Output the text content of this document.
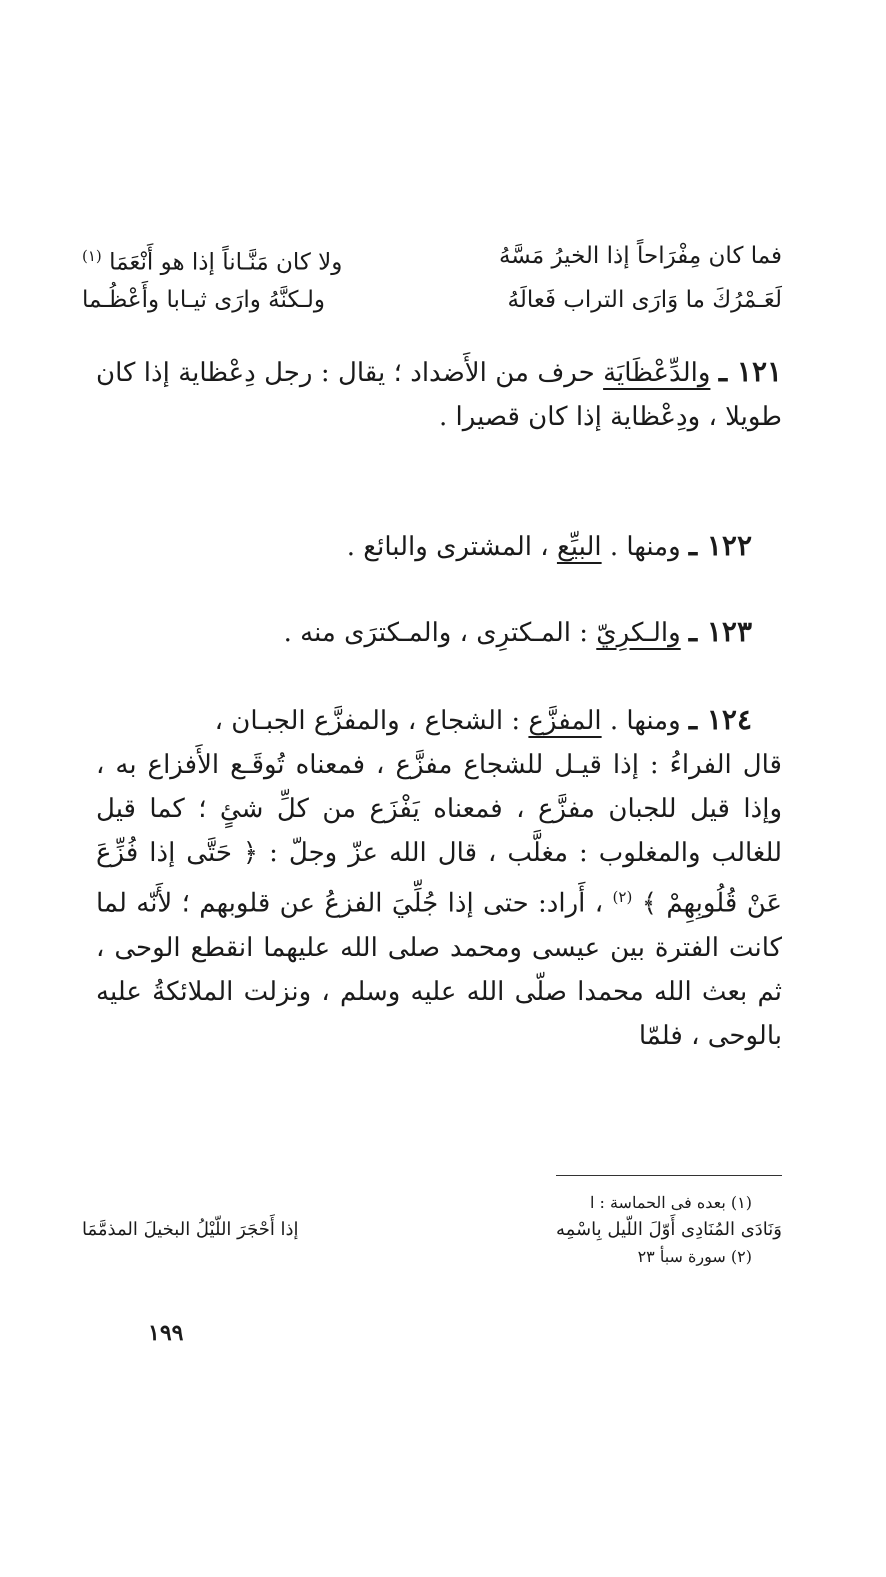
فما كان مِفْرَاحاً إذا الخيرُ مَسَّهُ
ولا كان مَنَّـاناً إذا هو أَنْعَمَا $^{(١)}$
لَعَـمْرُكَ ما وَارَى التراب فَعالَهُ
ولـكنَّهُ وارَى ثيـابا وأَعْظُـما
١٢١ ـ والدِّعْظَايَة حرف من الأَضداد ؛ يقال : رجل دِعْظاية إذا كان طويلا ، ودِعْظاية إذا كان قصيرا .
١٢٢ ـ ومنها . البيِّع ، المشترى والبائع .
١٢٣ ـ والـكرِيّ : المـكترِى ، والمـكترَى منه .
١٢٤ ـ ومنها . المفزَّع : الشجاع ، والمفزَّع الجبـان ،
قال الفراءُ : إذا قيـل للشجاع مفزَّع ، فمعناه تُوقَـع الأَفزاع به ، وإذا قيل للجبان مفزَّع ، فمعناه يَفْزَع من كلِّ شئٍ ؛ كما قيل للغالب والمغلوب : مغلَّب ، قال الله عزّ وجلّ : ﴿ حَتَّى إذا فُزِّعَ عَنْ قُلُوبِهِمْ ﴾ $^{(٢)}$ ، أَراد: حتى إذا جُلِّيَ الفزعُ عن قلوبهم ؛ لأَنّه لما كانت الفترة بين عيسى ومحمد صلى الله عليهما انقطع الوحى ، ثم بعث الله محمدا صلّى الله عليه وسلم ، ونزلت الملائكةُ عليه بالوحى ، فلمّا
(١) بعده فى الحماسة : ا
وَنَادَى المُنَادِى أَوّلَ اللّيل بِاسْمِه
إذا أَحْجَرَ اللّيْلُ البخيلَ المذمَّمَا
(٢) سورة سبأ ٢٣
١٩٩
